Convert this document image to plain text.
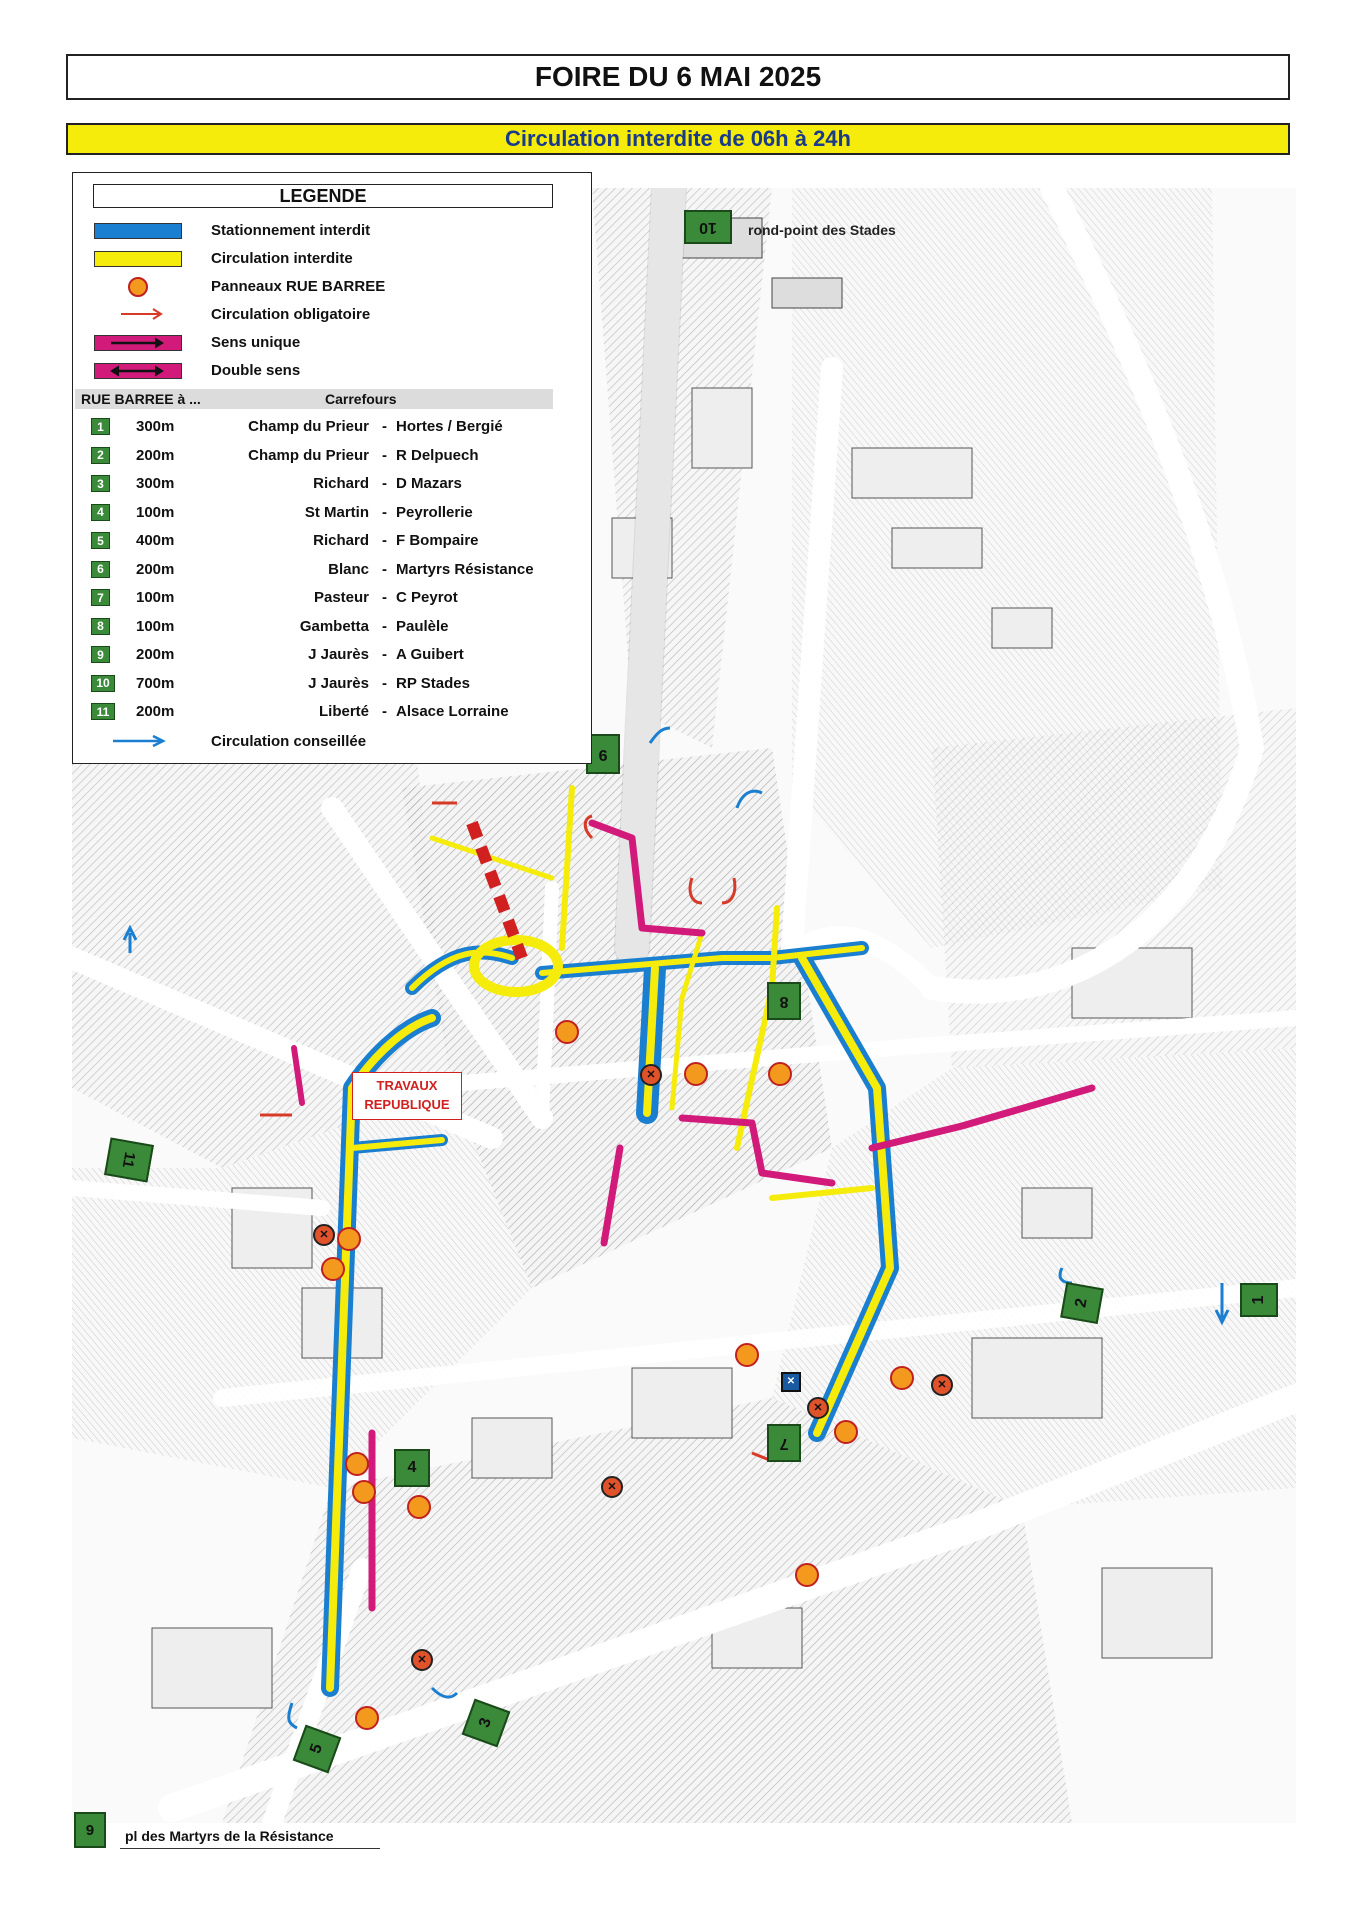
FOIRE DU 6 MAI 2025
Circulation interdite de 06h à 24h
✕
✕
✕
✕
✕
✕
✕
10
9
8
11
2	1
4
7
3
5
6
rond-point des Stades
pl des Martyrs de la Résistance
TRAVAUX
REPUBLIQUE
LEGENDE
Stationnement interdit
Circulation interdite
Panneaux RUE BARREE
Circulation obligatoire
Sens unique
Double sens
RUE BARREE à ...	Carrefours
1	300m	Champ du Prieur - Hortes / Bergié
2	200m	Champ du Prieur - R Delpuech
3	300m	Richard - D Mazars
4	100m	St Martin - Peyrollerie
5	400m	Richard - F Bompaire
6	200m	Blanc - Martyrs Résistance
7	100m	Pasteur - C Peyrot
8	100m	Gambetta - Paulèle
9	200m	J Jaurès - A Guibert
10	700m	J Jaurès - RP Stades
11	200m	Liberté - Alsace Lorraine
Circulation conseillée
